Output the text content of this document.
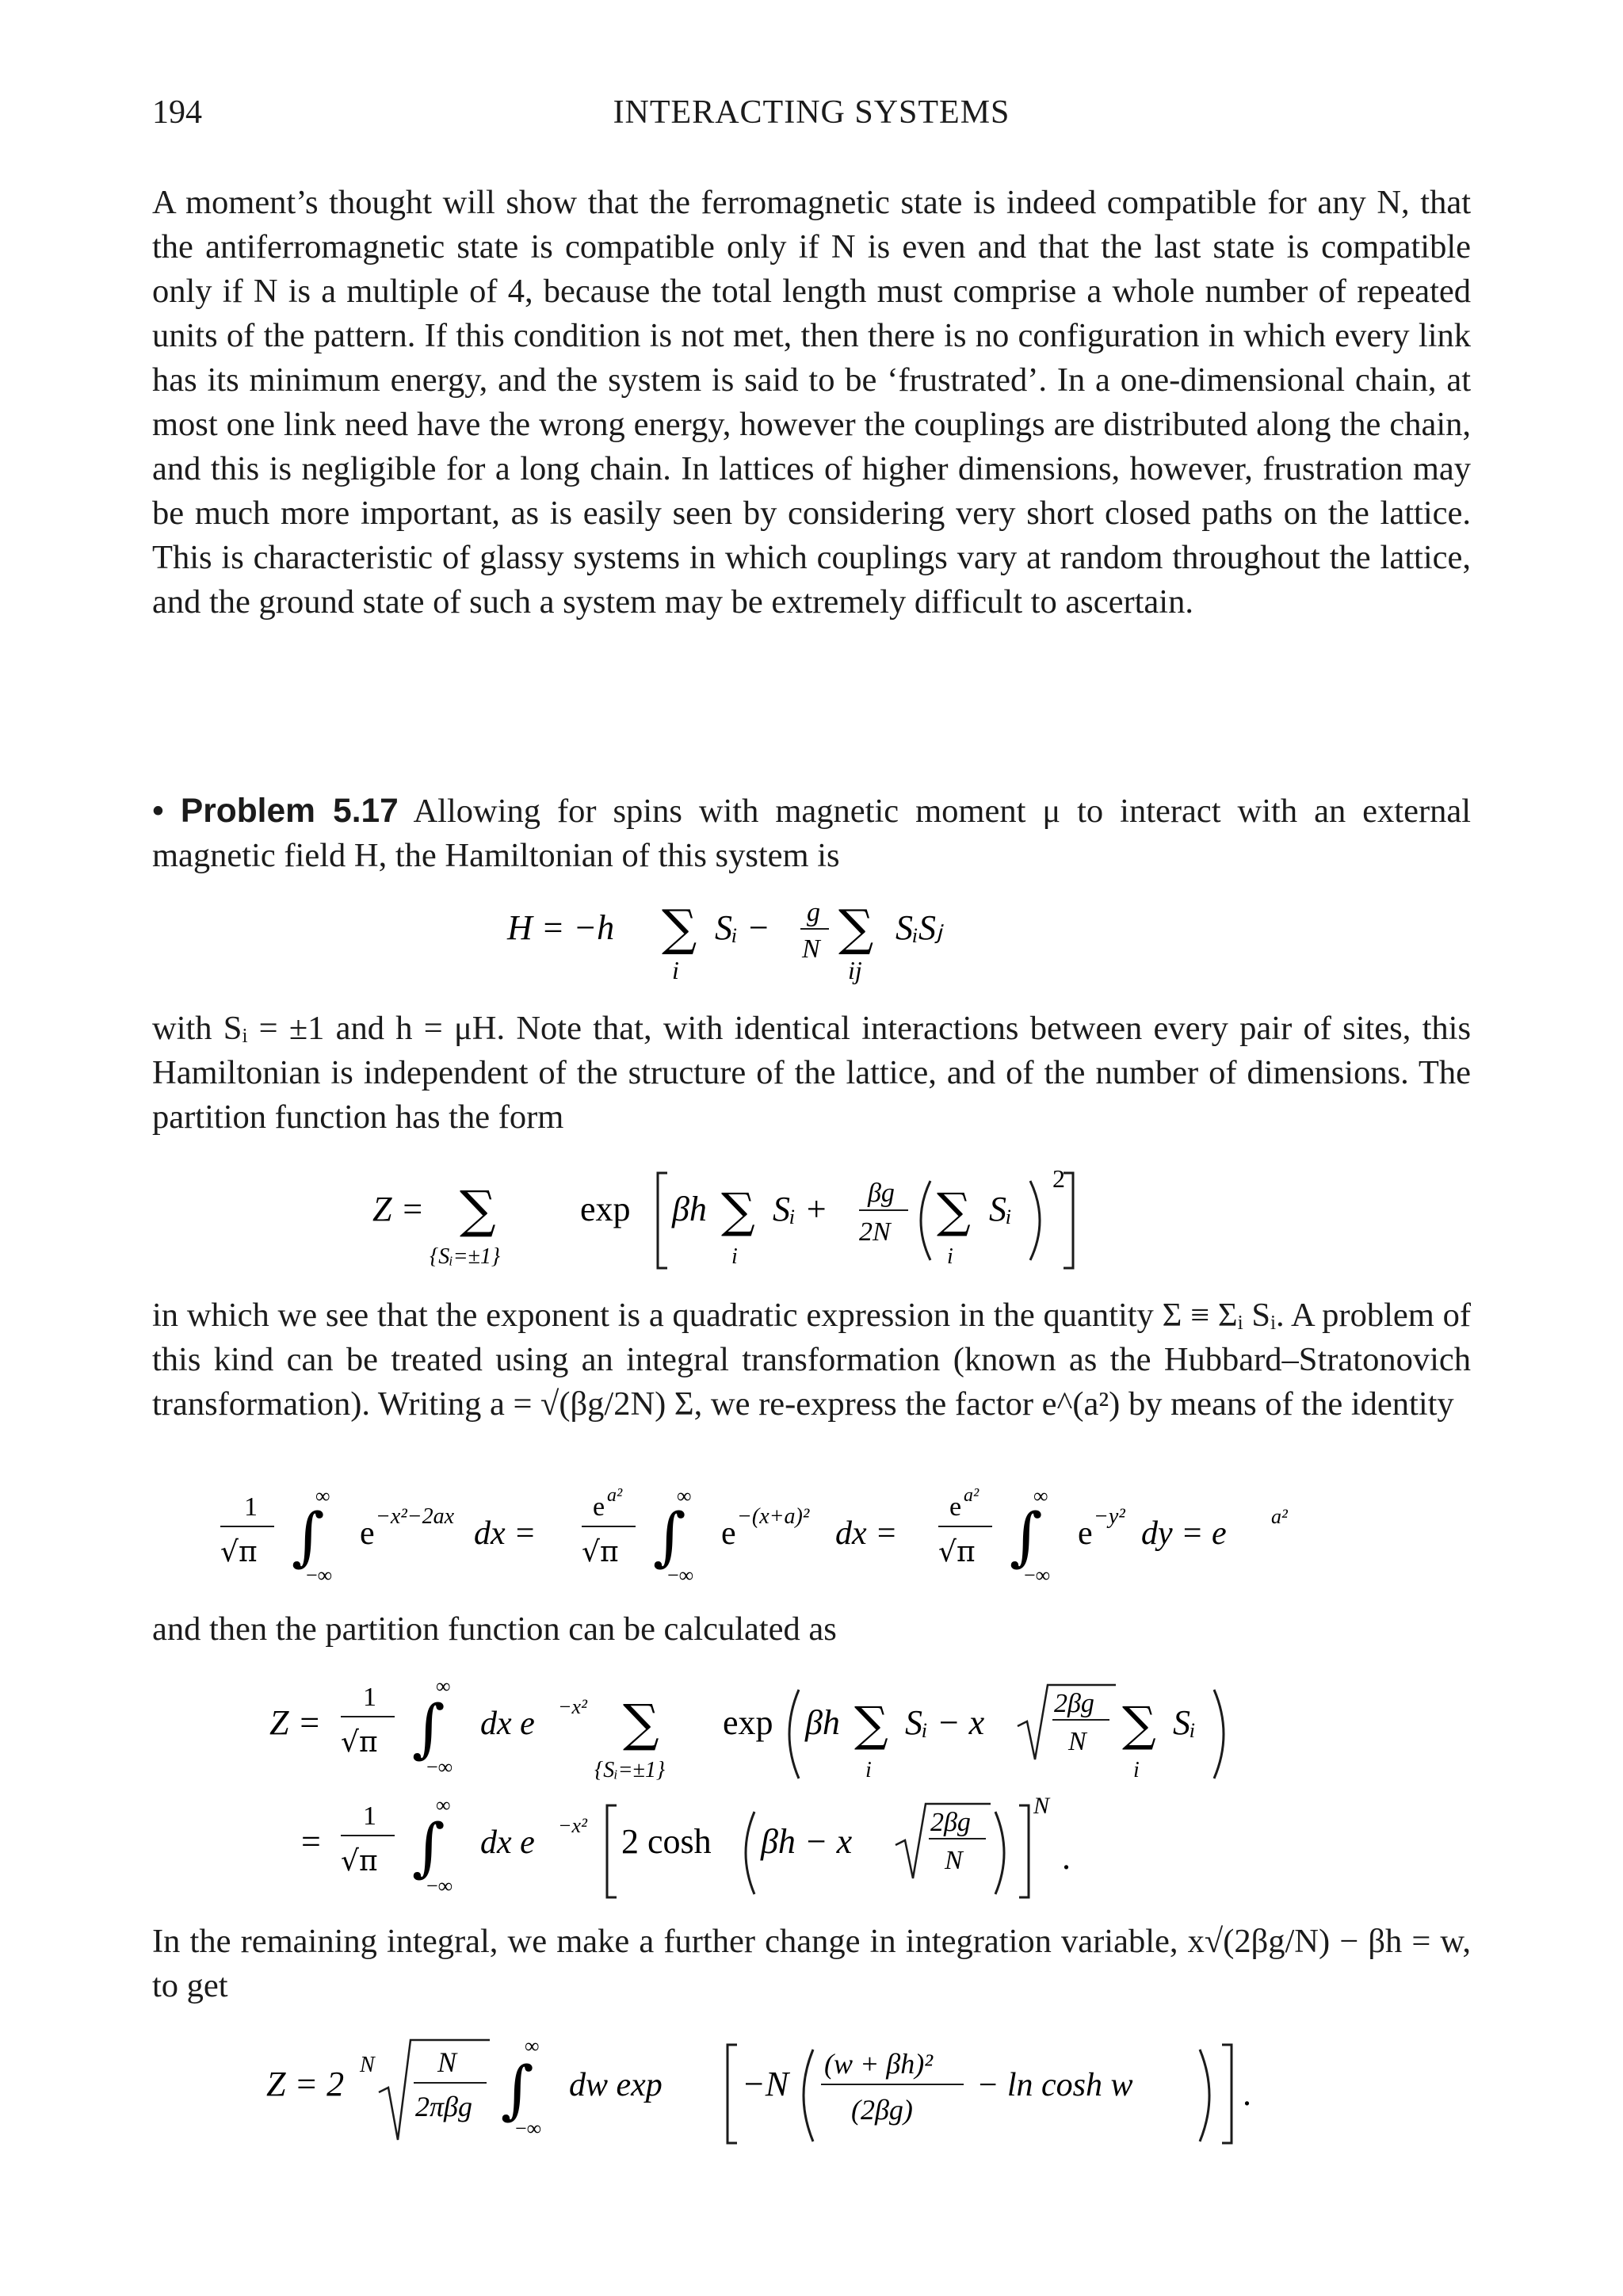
194	INTERACTING SYSTEMS

A moment’s thought will show that the ferromagnetic state is indeed compatible for any N, that the antiferromagnetic state is compatible only if N is even and that the last state is compatible only if N is a multiple of 4, because the total length must comprise a whole number of repeated units of the pattern. If this condition is not met, then there is no configuration in which every link has its minimum energy, and the system is said to be ‘frustrated’. In a one-dimensional chain, at most one link need have the wrong energy, however the couplings are distributed along the chain, and this is negligible for a long chain. In lattices of higher dimensions, however, frustration may be much more important, as is easily seen by considering very short closed paths on the lattice. This is characteristic of glassy systems in which couplings vary at random throughout the lattice, and the ground state of such a system may be extremely difficult to ascertain.

• Problem 5.17 Allowing for spins with magnetic moment μ to interact with an external magnetic field H, the Hamiltonian of this system is

H = −h ∑
i
Sᵢ − g
N ∑
ij
SᵢSⱼ

with Sᵢ = ±1 and h = μH. Note that, with identical interactions between every pair of sites, this Hamiltonian is independent of the structure of the lattice, and of the number of dimensions. The partition function has the form

Z = ∑
{Sᵢ=±1}
exp βh ∑
i
Sᵢ + βg
2N ∑
i
Sᵢ
2

in which we see that the exponent is a quadratic expression in the quantity Σ ≡ Σᵢ Sᵢ. A problem of this kind can be treated using an integral transformation (known as the Hubbard–Stratonovich transformation). Writing a = √(βg/2N) Σ, we re-express the factor e^(a²) by means of the identity

1
√π ∫
∞
−∞
e −x²−2ax dx =
e a²
√π ∫
∞
−∞
e −(x+a)² dx =
e a²
√π ∫
∞
−∞
e −y² dy = e a²

and then the partition function can be calculated as

Z =
1
√π ∫
∞
−∞
dx e −x² ∑
{Sᵢ=±1}
exp βh ∑
i
Sᵢ − x	2βg
N ∑
i
Sᵢ
=
1
√π ∫
∞
−∞
dx e −x² 2 cosh βh − x	2βg
N
N
.

In the remaining integral, we make a further change in integration variable, x√(2βg/N) − βh = w, to get

Z = 2 N N
2πβg ∫
∞
−∞
dw exp −N
(w + βh)²
(2βg)
− ln cosh w	.
